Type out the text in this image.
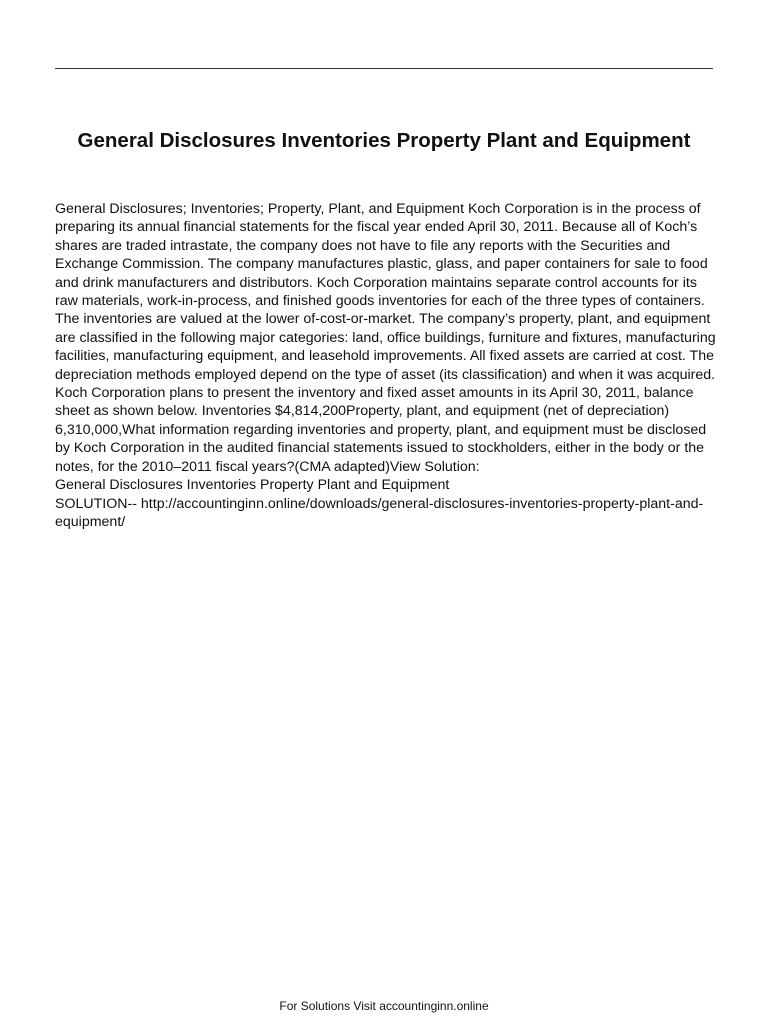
General Disclosures Inventories Property Plant and Equipment

General Disclosures; Inventories; Property, Plant, and Equipment Koch Corporation is in the process of preparing its annual financial statements for the fiscal year ended April 30, 2011. Because all of Koch’s shares are traded intrastate, the company does not have to file any reports with the Securities and Exchange Commission. The company manufactures plastic, glass, and paper containers for sale to food and drink manufacturers and distributors. Koch Corporation maintains separate control accounts for its raw materials, work-in-process, and finished goods inventories for each of the three types of containers. The inventories are valued at the lower of-cost-or-market. The company’s property, plant, and equipment are classified in the following major categories: land, office buildings, furniture and fixtures, manufacturing facilities, manufacturing equipment, and leasehold improvements. All fixed assets are carried at cost. The depreciation methods employed depend on the type of asset (its classification) and when it was acquired. Koch Corporation plans to present the inventory and fixed asset amounts in its April 30, 2011, balance sheet as shown below. Inventories $4,814,200Property, plant, and equipment (net of depreciation) 6,310,000,What information regarding inventories and property, plant, and equipment must be disclosed by Koch Corporation in the audited financial statements issued to stockholders, either in the body or the notes, for the 2010–2011 fiscal years?(CMA adapted)View Solution:

General Disclosures Inventories Property Plant and Equipment

SOLUTION-- http://accountinginn.online/downloads/general-disclosures-inventories-property-plant-and-equipment/

For Solutions Visit accountinginn.online
